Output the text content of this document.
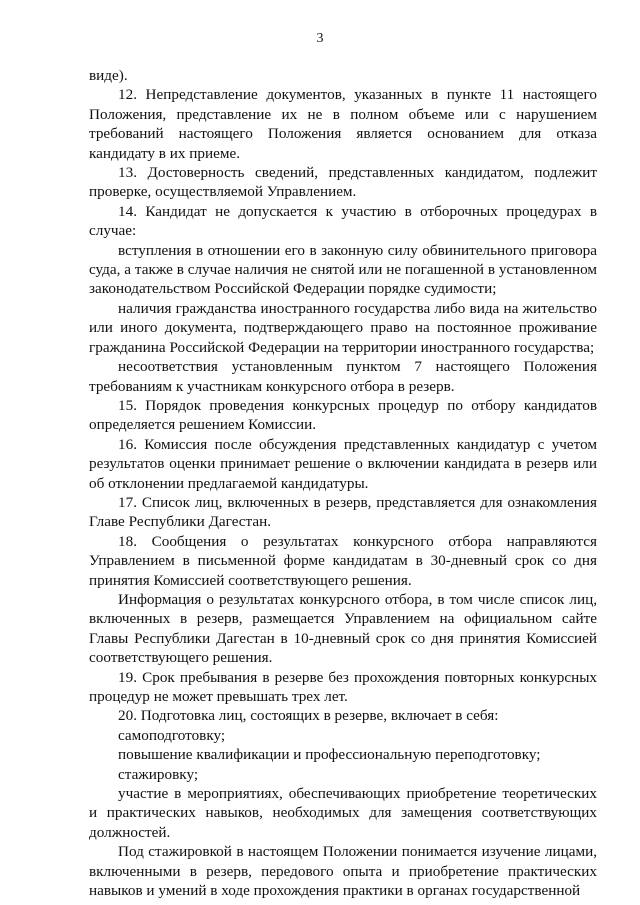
3

виде).

12. Непредставление документов, указанных в пункте 11 настоящего Положения, представление их не в полном объеме или с нарушением требований настоящего Положения является основанием для отказа кандидату в их приеме.

13. Достоверность сведений, представленных кандидатом, подлежит проверке, осуществляемой Управлением.

14. Кандидат не допускается к участию в отборочных процедурах в случае:

вступления в отношении его в законную силу обвинительного приговора суда, а также в случае наличия не снятой или не погашенной в установленном законодательством Российской Федерации порядке судимости;

наличия гражданства иностранного государства либо вида на жительство или иного документа, подтверждающего право на постоянное проживание гражданина Российской Федерации на территории иностранного государства;

несоответствия установленным пунктом 7 настоящего Положения требованиям к участникам конкурсного отбора в резерв.

15. Порядок проведения конкурсных процедур по отбору кандидатов определяется решением Комиссии.

16. Комиссия после обсуждения представленных кандидатур с учетом результатов оценки принимает решение о включении кандидата в резерв или об отклонении предлагаемой кандидатуры.

17. Список лиц, включенных в резерв, представляется для ознакомления Главе Республики Дагестан.

18. Сообщения о результатах конкурсного отбора направляются Управлением в письменной форме кандидатам в 30-дневный срок со дня принятия Комиссией соответствующего решения.

Информация о результатах конкурсного отбора, в том числе список лиц, включенных в резерв, размещается Управлением на официальном сайте Главы Республики Дагестан в 10-дневный срок со дня принятия Комиссией соответствующего решения.

19. Срок пребывания в резерве без прохождения повторных конкурсных процедур не может превышать трех лет.

20. Подготовка лиц, состоящих в резерве, включает в себя:

самоподготовку;

повышение квалификации и профессиональную переподготовку;

стажировку;

участие в мероприятиях, обеспечивающих приобретение теоретических и практических навыков, необходимых для замещения соответствующих должностей.

Под стажировкой в настоящем Положении понимается изучение лицами, включенными в резерв, передового опыта и приобретение практических навыков и умений в ходе прохождения практики в органах государственной
